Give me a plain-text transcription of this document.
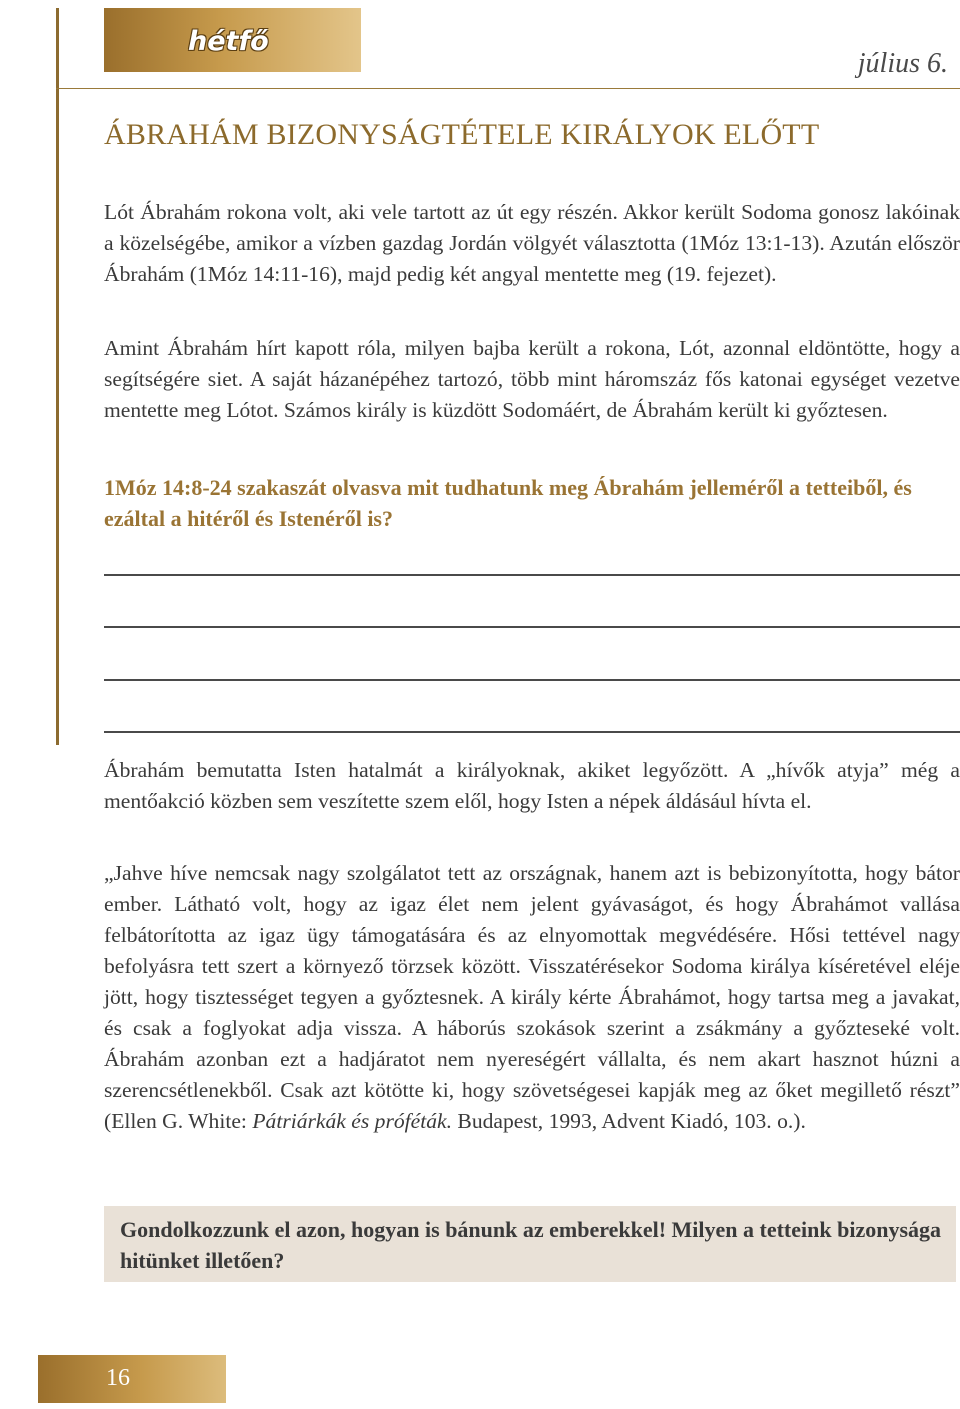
hétfő
július 6.
ÁBRAHÁM BIZONYSÁGTÉTELE KIRÁLYOK ELŐTT

Lót Ábrahám rokona volt, aki vele tartott az út egy részén. Akkor került Sodoma gonosz lakóinak a közelségébe, amikor a vízben gazdag Jordán völgyét választotta (1Móz 13:1-13). Azután először Ábrahám (1Móz 14:11-16), majd pedig két angyal mentette meg (19. fejezet).

Amint Ábrahám hírt kapott róla, milyen bajba került a rokona, Lót, azonnal eldöntötte, hogy a segítségére siet. A saját házanépéhez tartozó, több mint háromszáz fős katonai egységet vezetve mentette meg Lótot. Számos király is küzdött Sodomáért, de Ábrahám került ki győztesen.

1Móz 14:8-24 szakaszát olvasva mit tudhatunk meg Ábrahám jelleméről a tetteiből, és ezáltal a hitéről és Istenéről is?

Ábrahám bemutatta Isten hatalmát a királyoknak, akiket legyőzött. A „hívők atyja” még a mentőakció közben sem veszítette szem elől, hogy Isten a népek áldásául hívta el.

„Jahve híve nemcsak nagy szolgálatot tett az országnak, hanem azt is bebizonyította, hogy bátor ember. Látható volt, hogy az igaz élet nem jelent gyávaságot, és hogy Ábrahámot vallása felbátorította az igaz ügy támogatására és az elnyomottak megvédésére. Hősi tettével nagy befolyásra tett szert a környező törzsek között. Visszatérésekor Sodoma királya kíséretével eléje jött, hogy tisztességet tegyen a győztesnek. A király kérte Ábrahámot, hogy tartsa meg a javakat, és csak a foglyokat adja vissza. A háborús szokások szerint a zsákmány a győzteseké volt. Ábrahám azonban ezt a hadjáratot nem nyereségért vállalta, és nem akart hasznot húzni a szerencsétlenekből. Csak azt kötötte ki, hogy szövetségesei kapják meg az őket megillető részt” (Ellen G. White: Pátriárkák és próféták. Budapest, 1993, Advent Kiadó, 103. o.).

Gondolkozzunk el azon, hogyan is bánunk az emberekkel! Milyen a tetteink bizonysága hitünket illetően?

16
